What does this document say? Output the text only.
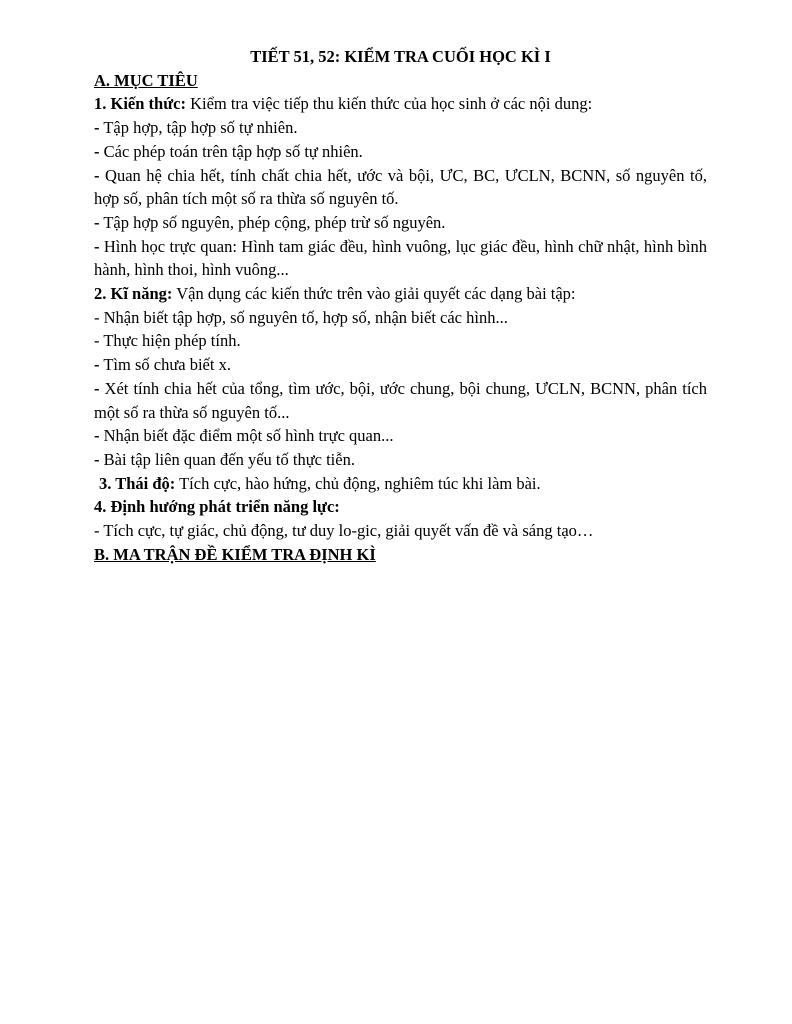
TIẾT 51, 52: KIỂM TRA CUỐI HỌC KÌ I

A. MỤC TIÊU

1. Kiến thức: Kiểm tra việc tiếp thu kiến thức của học sinh ở các nội dung:

- Tập hợp, tập hợp số tự nhiên.

- Các phép toán trên tập hợp số tự nhiên.

- Quan hệ chia hết, tính chất chia hết, ước và bội, ƯC, BC, ƯCLN, BCNN, số nguyên tố, hợp số, phân tích một số ra thừa số nguyên tố.

- Tập hợp số nguyên, phép cộng, phép trừ số nguyên.

- Hình học trực quan: Hình tam giác đều, hình vuông, lục giác đều, hình chữ nhật, hình bình hành, hình thoi, hình vuông...

2. Kĩ năng: Vận dụng các kiến thức trên vào giải quyết các dạng bài tập:

- Nhận biết tập hợp, số nguyên tố, hợp số, nhận biết các hình...

- Thực hiện phép tính.

- Tìm số chưa biết x.

- Xét tính chia hết của tổng, tìm ước, bội, ước chung, bội chung, ƯCLN, BCNN, phân tích một số ra thừa số nguyên tố...

- Nhận biết đặc điểm một số hình trực quan...

- Bài tập liên quan đến yếu tố thực tiễn.

3. Thái độ: Tích cực, hào hứng, chủ động, nghiêm túc khi làm bài.

4. Định hướng phát triển năng lực:

- Tích cực, tự giác, chủ động, tư duy lo-gic, giải quyết vấn đề và sáng tạo…

B. MA TRẬN ĐỀ KIỂM TRA ĐỊNH KÌ
